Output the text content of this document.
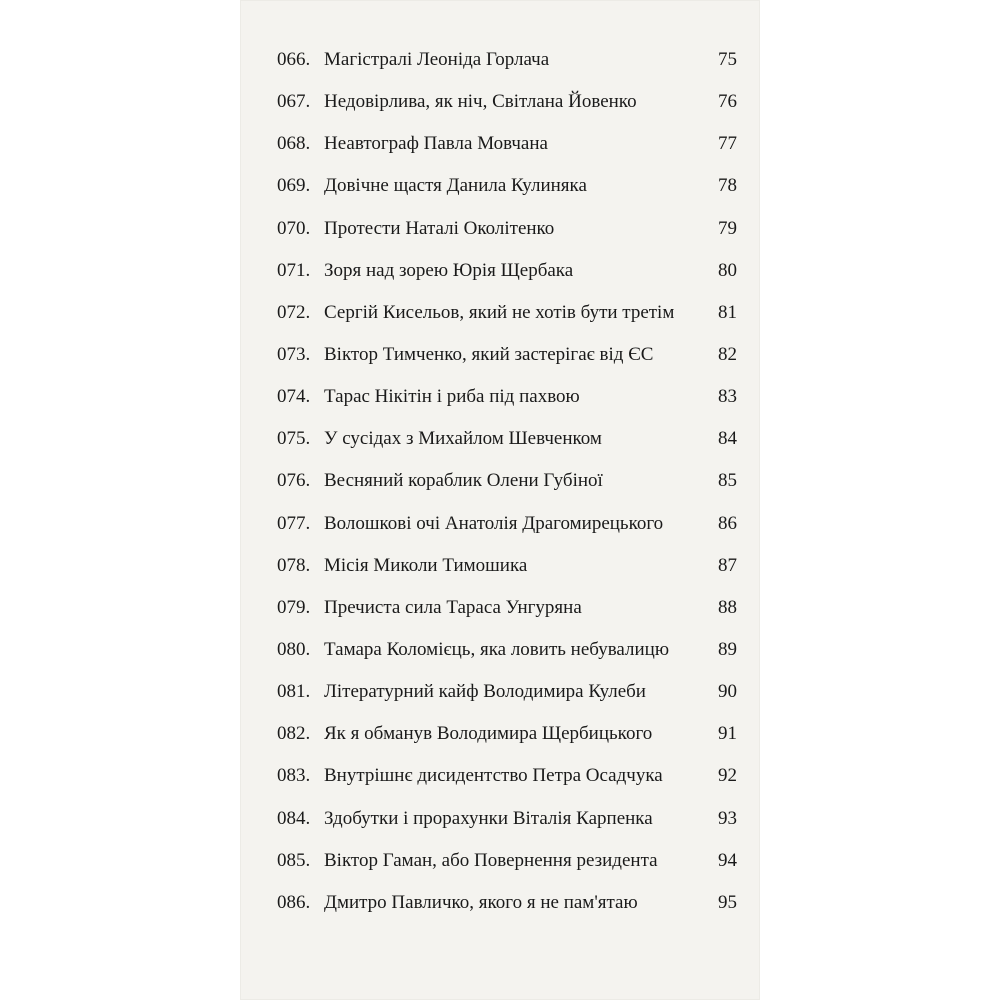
066. Магістралі Леоніда Горлача	75
067. Недовірлива, як ніч, Світлана Йовенко	76
068. Неавтограф Павла Мовчана	77
069. Довічне щастя Данила Кулиняка	78
070. Протести Наталі Околітенко	79
071. Зоря над зорею Юрія Щербака	80
072. Сергій Кисельов, який не хотів бути третім 81
073. Віктор Тимченко, який застерігає від ЄС	82
074. Тарас Нікітін і риба під пахвою	83
075. У сусідах з Михайлом Шевченком	84
076. Весняний кораблик Олени Губіної	85
077. Волошкові очі Анатолія Драгомирецького	86
078. Місія Миколи Тимошика	87
079. Пречиста сила Тараса Унгуряна	88
080. Тамара Коломієць, яка ловить небувалицю	89
081. Літературний кайф Володимира Кулеби	90
082. Як я обманув Володимира Щербицького	91
083. Внутрішнє дисидентство Петра Осадчука	92
084. Здобутки і прорахунки Віталія Карпенка	93
085. Віктор Гаман, або Повернення резидента	94
086. Дмитро Павличко, якого я не пам'ятаю	95
